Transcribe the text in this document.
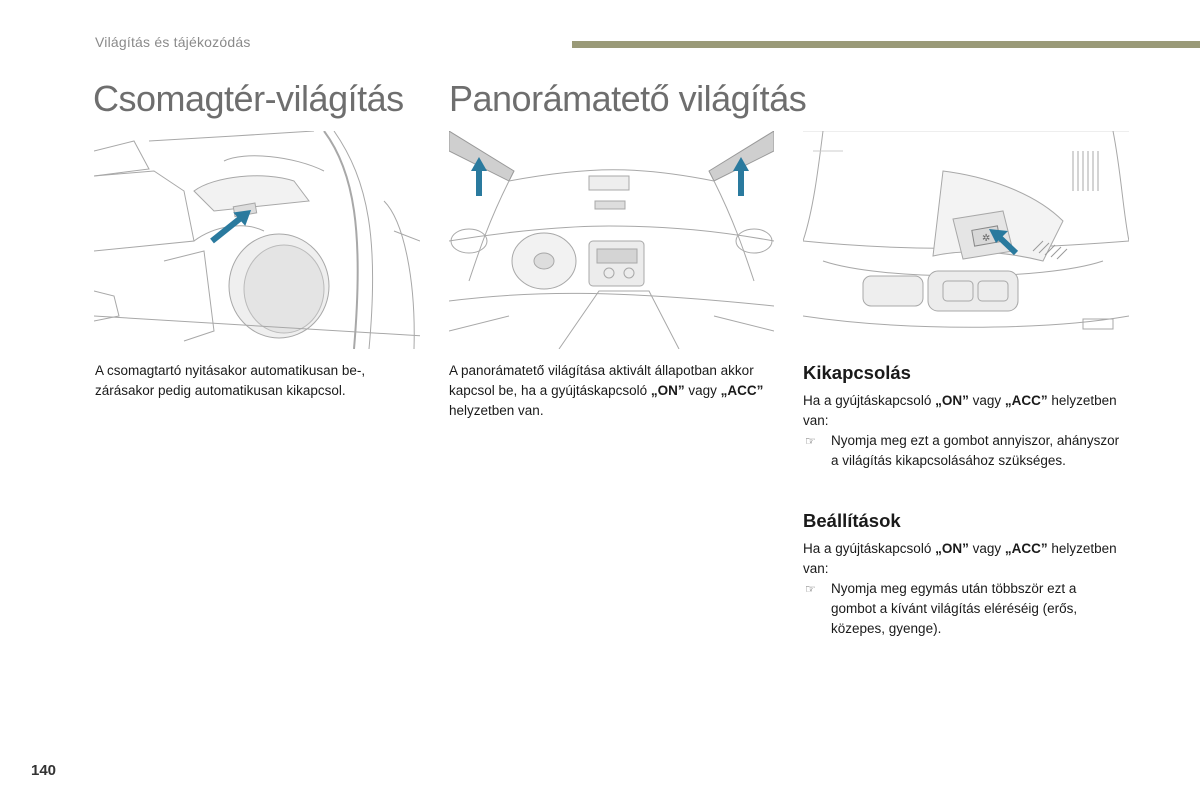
Világítás és tájékozódás
Csomagtér-világítás Panorámatető világítás
✲
A csomagtartó nyitásakor automatikusan be-, zárásakor pedig automatikusan kikapcsol.
A panorámatető világítása aktivált állapotban akkor kapcsol be, ha a gyújtáskapcsoló „ON” vagy „ACC” helyzetben van.
Kikapcsolás
Ha a gyújtáskapcsoló „ON” vagy „ACC” helyzetben van:
☞ Nyomja meg ezt a gombot annyiszor, ahányszor a világítás kikapcsolásához szükséges.
Beállítások
Ha a gyújtáskapcsoló „ON” vagy „ACC” helyzetben van:
☞ Nyomja meg egymás után többször ezt a gombot a kívánt világítás eléréséig (erős, közepes, gyenge).
140
